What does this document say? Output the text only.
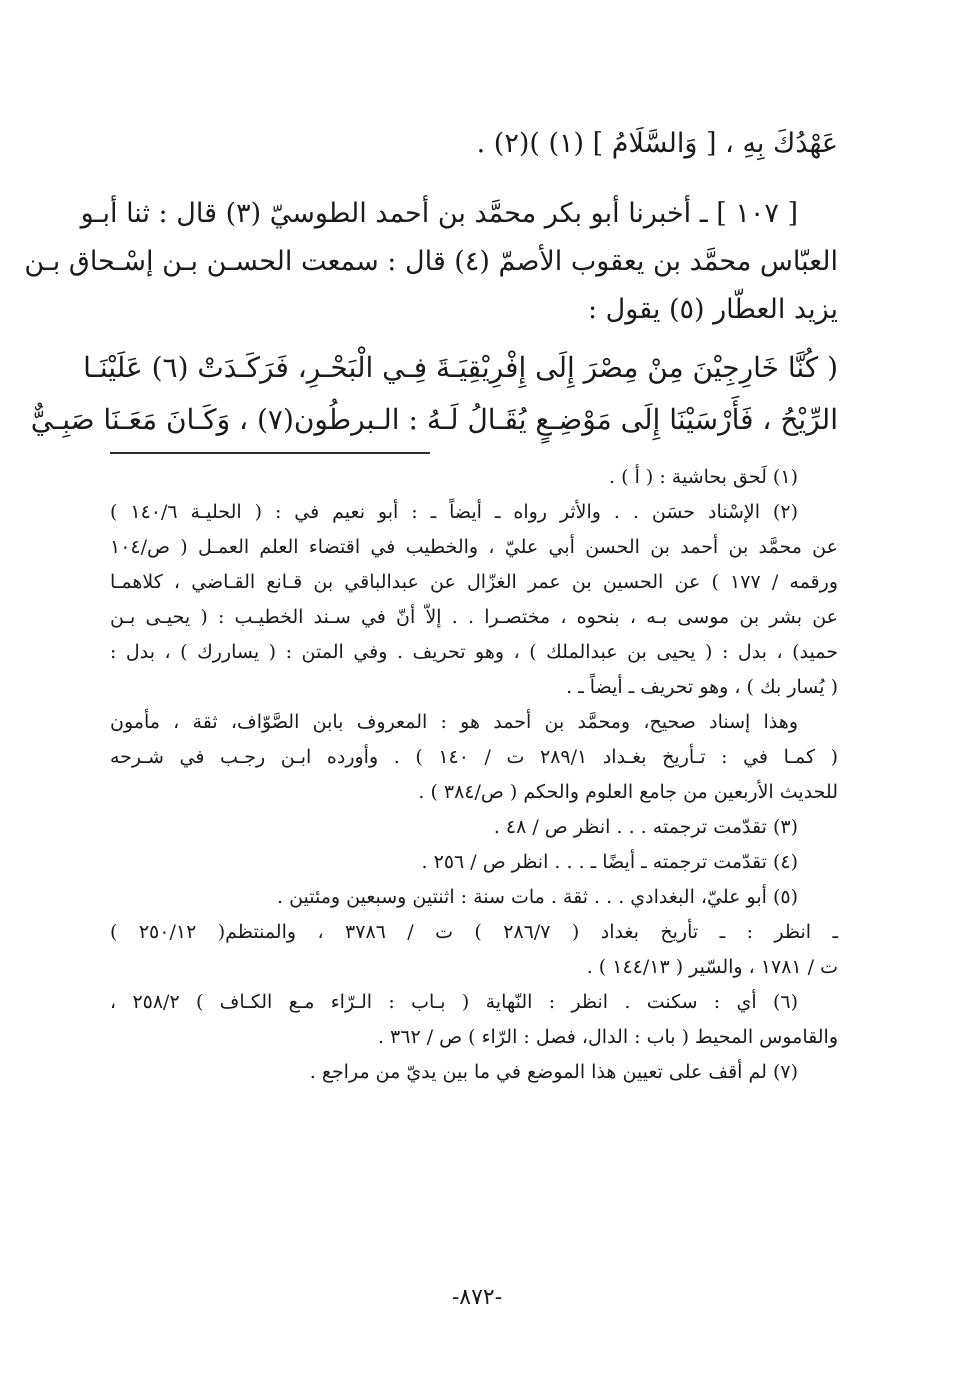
عَهْدُكَ بِهِ ، [ وَالسَّلَامُ ] (١) )(٢) .
[ ١٠٧ ] ـ أخبرنا أبو بكر محمَّد بن أحمد الطوسيّ (٣) قال : ثنا أبـو
العبّاس محمَّد بن يعقوب الأصمّ (٤) قال : سمعت الحسـن بـن إسْـحاق بـن
يزيد العطّار (٥) يقول :
( كُنَّا خَارِجِيْنَ مِنْ مِصْرَ إِلَى إِفْرِيْقِيَـةَ فِـي الْبَحْـرِ، فَرَكَـدَتْ (٦) عَلَيْنَـا
الرِّيْحُ ، فَأَرْسَيْنَا إِلَى مَوْضِـعٍ يُقَـالُ لَـهُ : الـبرطُون(٧) ، وَكَـانَ مَعَـنَا صَبِـيٌّ
(١) لَحق بحاشية : ( أ ) .
(٢) الإسْناد حسَن . . والأثر رواه ـ أيضاً ـ : أبو نعيم في : ( الحليـة ١٤٠/٦ )
عن محمَّد بن أحمد بن الحسن أبي عليّ ، والخطيب في اقتضاء العلم العمـل ( ص/١٠٤
ورقمه / ١٧٧ ) عن الحسين بن عمر الغزّال عن عبدالباقي بن قـانع القـاضي ، كلاهمـا
عن بشر بن موسى بـه ، بنحوه ، مختصـرا . . إلاّ أنّ في سـند الخطيـب : ( يحيـى بـن
حميد) ، بدل : ( يحيى بن عبدالملك ) ، وهو تحريف . وفي المتن : ( يساررك ) ، بدل :
( يُسار بك ) ، وهو تحريف ـ أيضاً ـ .
وهذا إسناد صحيح، ومحمَّد بن أحمد هو : المعروف بابن الصَّوّاف، ثقة ، مأمون
( كمـا في : تـأريخ بغـداد ٢٨٩/١ ت / ١٤٠ ) . وأورده ابـن رجـب في شـرحه
للحديث الأربعين من جامع العلوم والحكم ( ص/٣٨٤ ) .
(٣) تقدّمت ترجمته . . . انظر ص / ٤٨ .
(٤) تقدّمت ترجمته ـ أيضًا ـ . . . انظر ص / ٢٥٦ .
(٥) أبو عليّ، البغدادي . . . ثقة . مات سنة : اثنتين وسبعين ومئتين .
ـ انظر : ـ تأريخ بغداد ( ٢٨٦/٧ ) ت / ٣٧٨٦ ، والمنتظم( ٢٥٠/١٢ )
ت / ١٧٨١ ، والسّير ( ١٤٤/١٣ ) .
(٦) أي : سكنت . انظر : النّهاية ( بـاب : الـرّاء مـع الكـاف ) ٢٥٨/٢ ،
والقاموس المحيط ( باب : الدال، فصل : الرّاء ) ص / ٣٦٢ .
(٧) لم أقف على تعيين هذا الموضع في ما بين يديّ من مراجع .
-٨٧٢-
